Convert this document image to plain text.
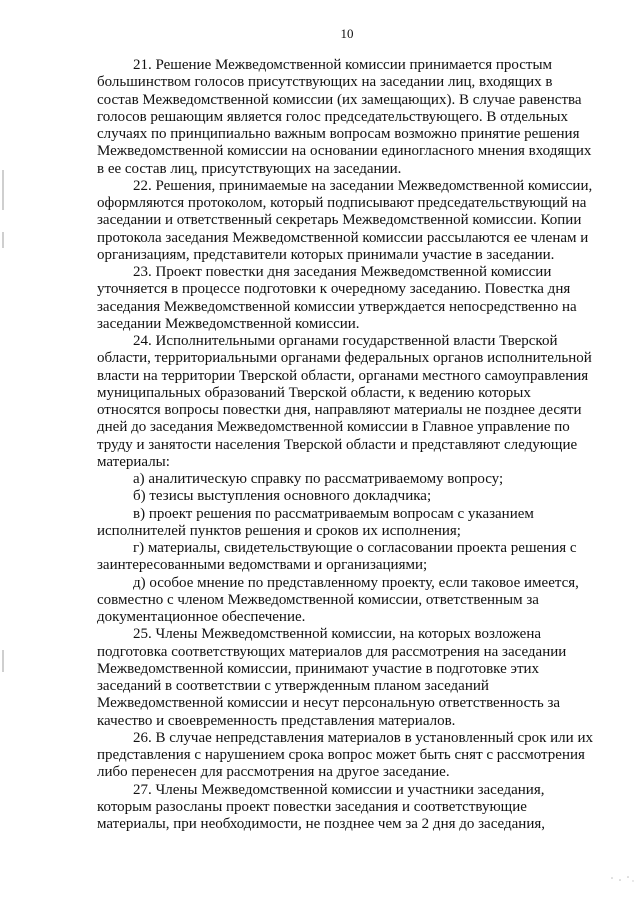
10

21. Решение Межведомственной комиссии принимается простым
большинством голосов присутствующих на заседании лиц, входящих в
состав Межведомственной комиссии (их замещающих). В случае равенства
голосов решающим является голос председательствующего. В отдельных
случаях по принципиально важным вопросам возможно принятие решения
Межведомственной комиссии на основании единогласного мнения входящих
в ее состав лиц, присутствующих на заседании.

22. Решения, принимаемые на заседании Межведомственной комиссии,
оформляются протоколом, который подписывают председательствующий на
заседании и ответственный секретарь Межведомственной комиссии. Копии
протокола заседания Межведомственной комиссии рассылаются ее членам и
организациям, представители которых принимали участие в заседании.

23. Проект повестки дня заседания Межведомственной комиссии
уточняется в процессе подготовки к очередному заседанию. Повестка дня
заседания Межведомственной комиссии утверждается непосредственно на
заседании Межведомственной комиссии.

24. Исполнительными органами государственной власти Тверской
области, территориальными органами федеральных органов исполнительной
власти на территории Тверской области, органами местного самоуправления
муниципальных образований Тверской области, к ведению которых
относятся вопросы повестки дня, направляют материалы не позднее десяти
дней до заседания Межведомственной комиссии в Главное управление по
труду и занятости населения Тверской области и представляют следующие
материалы:

а) аналитическую справку по рассматриваемому вопросу;

б) тезисы выступления основного докладчика;

в) проект решения по рассматриваемым вопросам с указанием
исполнителей пунктов решения и сроков их исполнения;

г) материалы, свидетельствующие о согласовании проекта решения с
заинтересованными ведомствами и организациями;

д) особое мнение по представленному проекту, если таковое имеется,
совместно с членом Межведомственной комиссии, ответственным за
документационное обеспечение.

25. Члены Межведомственной комиссии, на которых возложена
подготовка соответствующих материалов для рассмотрения на заседании
Межведомственной комиссии, принимают участие в подготовке этих
заседаний в соответствии с утвержденным планом заседаний
Межведомственной комиссии и несут персональную ответственность за
качество и своевременность представления материалов.

26. В случае непредставления материалов в установленный срок или их
представления с нарушением срока вопрос может быть снят с рассмотрения
либо перенесен для рассмотрения на другое заседание.

27. Члены Межведомственной комиссии и участники заседания,
которым разосланы проект повестки заседания и соответствующие
материалы, при необходимости, не позднее чем за 2 дня до заседания,
